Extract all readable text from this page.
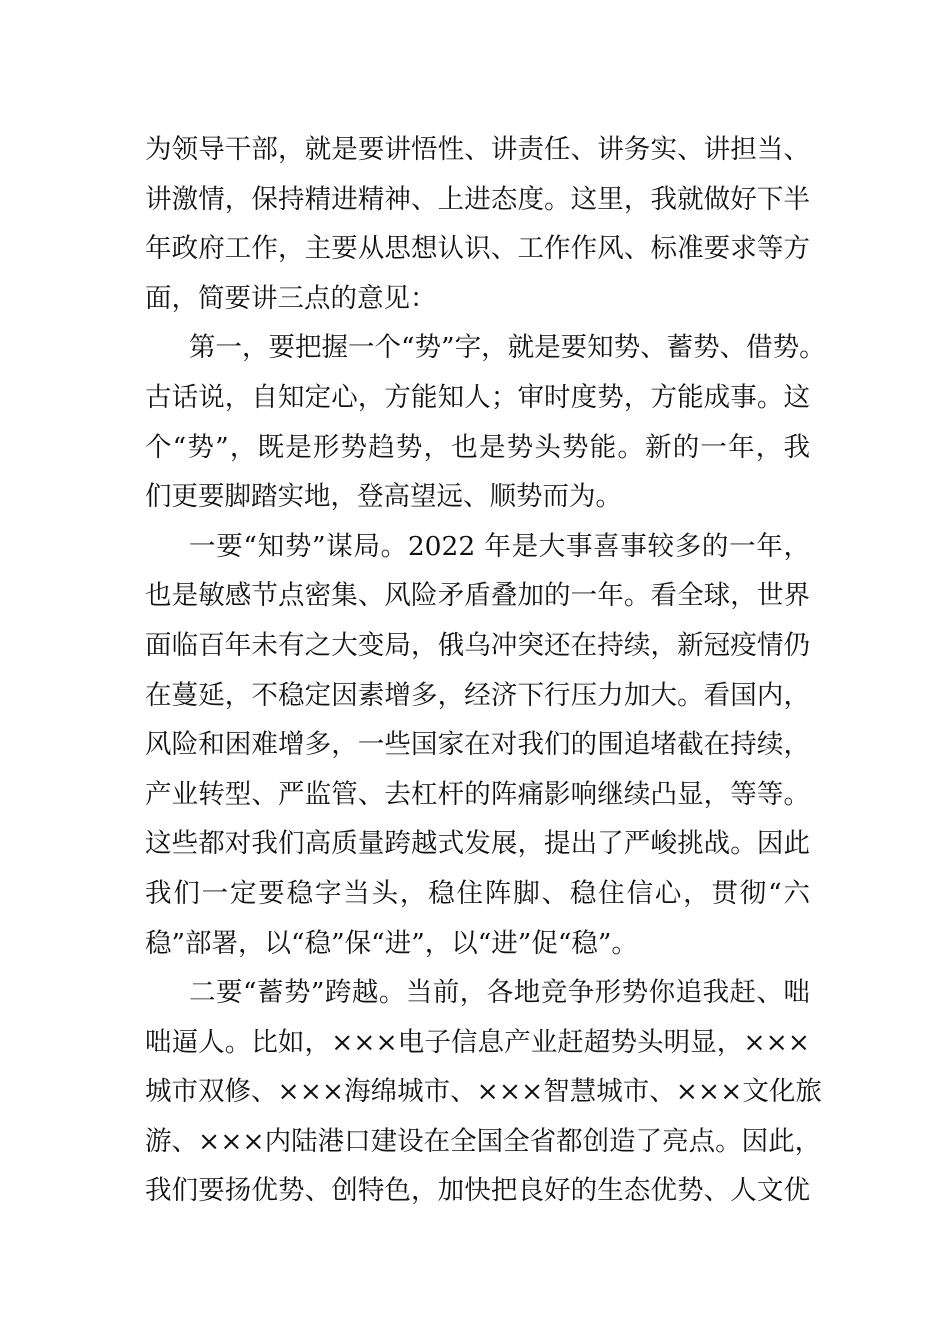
为领导干部，就是要讲悟性、讲责任、讲务实、讲担当、
讲激情，保持精进精神、上进态度。这里，我就做好下半
年政府工作，主要从思想认识、工作作风、标准要求等方
面，简要讲三点的意见：
第一，要把握一个“势”字，就是要知势、蓄势、借势。
古话说，自知定心，方能知人；审时度势，方能成事。这
个“势”，既是形势趋势，也是势头势能。新的一年，我
们更要脚踏实地，登高望远、顺势而为。
一要“知势”谋局。2022 年是大事喜事较多的一年，
也是敏感节点密集、风险矛盾叠加的一年。看全球，世界
面临百年未有之大变局，俄乌冲突还在持续，新冠疫情仍
在蔓延，不稳定因素增多，经济下行压力加大。看国内，
风险和困难增多，一些国家在对我们的围追堵截在持续，
产业转型、严监管、去杠杆的阵痛影响继续凸显，等等。
这些都对我们高质量跨越式发展，提出了严峻挑战。因此
我们一定要稳字当头，稳住阵脚、稳住信心，贯彻“六
稳”部署，以“稳”保“进”，以“进”促“稳”。
二要“蓄势”跨越。当前，各地竞争形势你追我赶、咄
咄逼人。比如，×××电子信息产业赶超势头明显，×××
城市双修、×××海绵城市、×××智慧城市、×××文化旅
游、×××内陆港口建设在全国全省都创造了亮点。因此，
我们要扬优势、创特色，加快把良好的生态优势、人文优
